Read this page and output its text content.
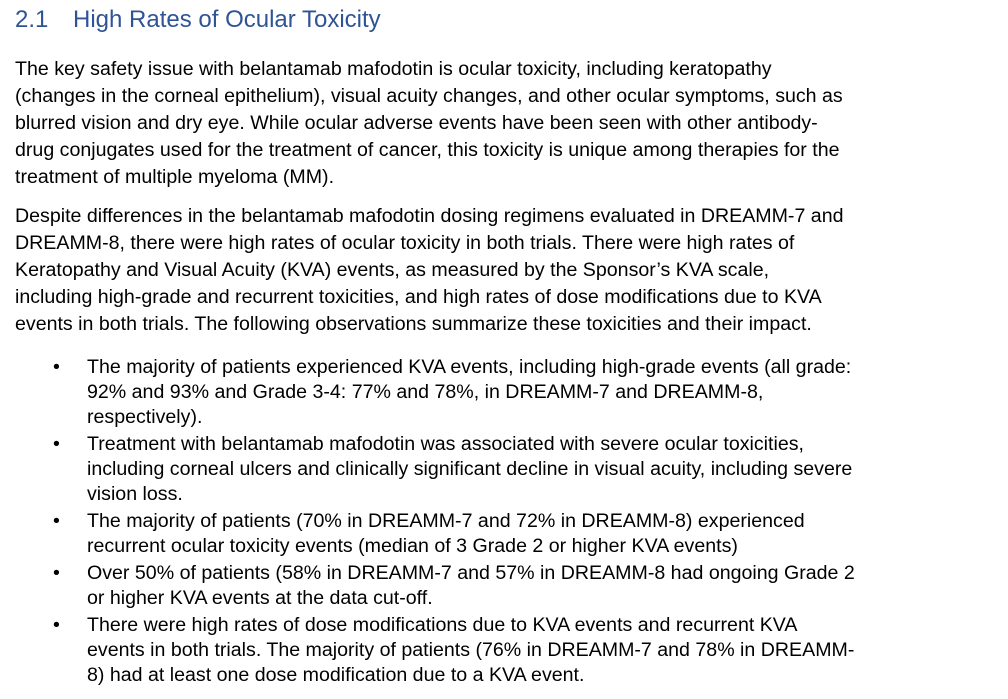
2.1 High Rates of Ocular Toxicity
The key safety issue with belantamab mafodotin is ocular toxicity, including keratopathy
(changes in the corneal epithelium), visual acuity changes, and other ocular symptoms, such as
blurred vision and dry eye. While ocular adverse events have been seen with other antibody-
drug conjugates used for the treatment of cancer, this toxicity is unique among therapies for the
treatment of multiple myeloma (MM).
Despite differences in the belantamab mafodotin dosing regimens evaluated in DREAMM-7 and
DREAMM-8, there were high rates of ocular toxicity in both trials. There were high rates of
Keratopathy and Visual Acuity (KVA) events, as measured by the Sponsor’s KVA scale,
including high-grade and recurrent toxicities, and high rates of dose modifications due to KVA
events in both trials. The following observations summarize these toxicities and their impact.
• The majority of patients experienced KVA events, including high-grade events (all grade:
92% and 93% and Grade 3-4: 77% and 78%, in DREAMM-7 and DREAMM-8,
respectively).
• Treatment with belantamab mafodotin was associated with severe ocular toxicities,
including corneal ulcers and clinically significant decline in visual acuity, including severe
vision loss.
• The majority of patients (70% in DREAMM-7 and 72% in DREAMM-8) experienced
recurrent ocular toxicity events (median of 3 Grade 2 or higher KVA events)
• Over 50% of patients (58% in DREAMM-7 and 57% in DREAMM-8 had ongoing Grade 2
or higher KVA events at the data cut-off.
• There were high rates of dose modifications due to KVA events and recurrent KVA
events in both trials. The majority of patients (76% in DREAMM-7 and 78% in DREAMM-
8) had at least one dose modification due to a KVA event.
